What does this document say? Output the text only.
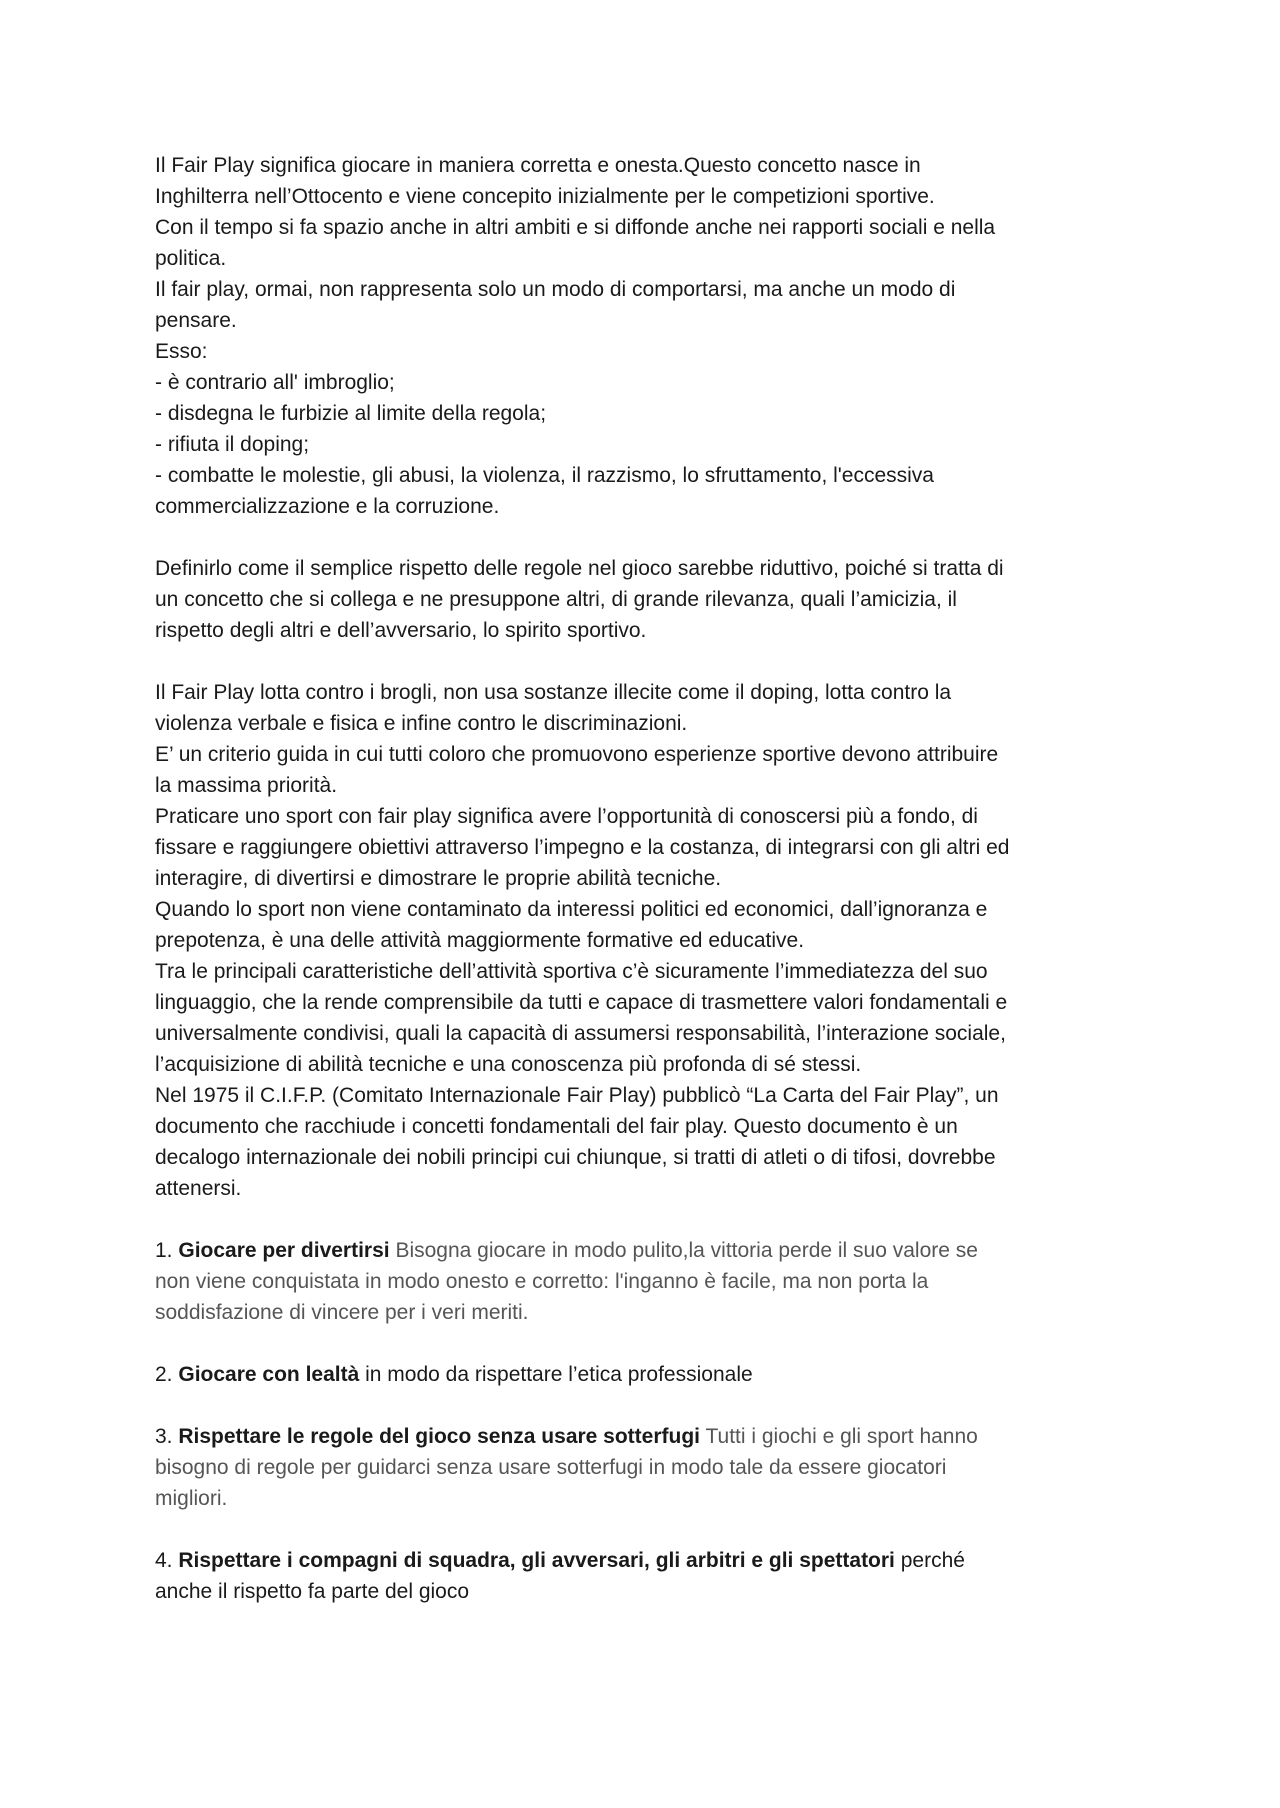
Il Fair Play significa giocare in maniera corretta e onesta.Questo concetto nasce in
Inghilterra nell’Ottocento e viene concepito inizialmente per le competizioni sportive.
Con il tempo si fa spazio anche in altri ambiti e si diffonde anche nei rapporti sociali e nella
politica.
Il fair play, ormai, non rappresenta solo un modo di comportarsi, ma anche un modo di
pensare.
Esso:
- è contrario all' imbroglio;
- disdegna le furbizie al limite della regola;
- rifiuta il doping;
- combatte le molestie, gli abusi, la violenza, il razzismo, lo sfruttamento, l'eccessiva
commercializzazione e la corruzione.
Definirlo come il semplice rispetto delle regole nel gioco sarebbe riduttivo, poiché si tratta di
un concetto che si collega e ne presuppone altri, di grande rilevanza, quali l’amicizia, il
rispetto degli altri e dell’avversario, lo spirito sportivo.
Il Fair Play lotta contro i brogli, non usa sostanze illecite come il doping, lotta contro la
violenza verbale e fisica e infine contro le discriminazioni.
E’ un criterio guida in cui tutti coloro che promuovono esperienze sportive devono attribuire
la massima priorità.
Praticare uno sport con fair play significa avere l’opportunità di conoscersi più a fondo, di
fissare e raggiungere obiettivi attraverso l’impegno e la costanza, di integrarsi con gli altri ed
interagire, di divertirsi e dimostrare le proprie abilità tecniche.
Quando lo sport non viene contaminato da interessi politici ed economici, dall’ignoranza e
prepotenza, è una delle attività maggiormente formative ed educative.
Tra le principali caratteristiche dell’attività sportiva c’è sicuramente l’immediatezza del suo
linguaggio, che la rende comprensibile da tutti e capace di trasmettere valori fondamentali e
universalmente condivisi, quali la capacità di assumersi responsabilità, l’interazione sociale,
l’acquisizione di abilità tecniche e una conoscenza più profonda di sé stessi.
Nel 1975 il C.I.F.P. (Comitato Internazionale Fair Play) pubblicò “La Carta del Fair Play”, un
documento che racchiude i concetti fondamentali del fair play. Questo documento è un
decalogo internazionale dei nobili principi cui chiunque, si tratti di atleti o di tifosi, dovrebbe
attenersi.
1. Giocare per divertirsi Bisogna giocare in modo pulito,la vittoria perde il suo valore se
non viene conquistata in modo onesto e corretto: l'inganno è facile, ma non porta la
soddisfazione di vincere per i veri meriti.
2. Giocare con lealtà in modo da rispettare l’etica professionale
3. Rispettare le regole del gioco senza usare sotterfugi Tutti i giochi e gli sport hanno
bisogno di regole per guidarci senza usare sotterfugi in modo tale da essere giocatori
migliori.
4. Rispettare i compagni di squadra, gli avversari, gli arbitri e gli spettatori perché
anche il rispetto fa parte del gioco
